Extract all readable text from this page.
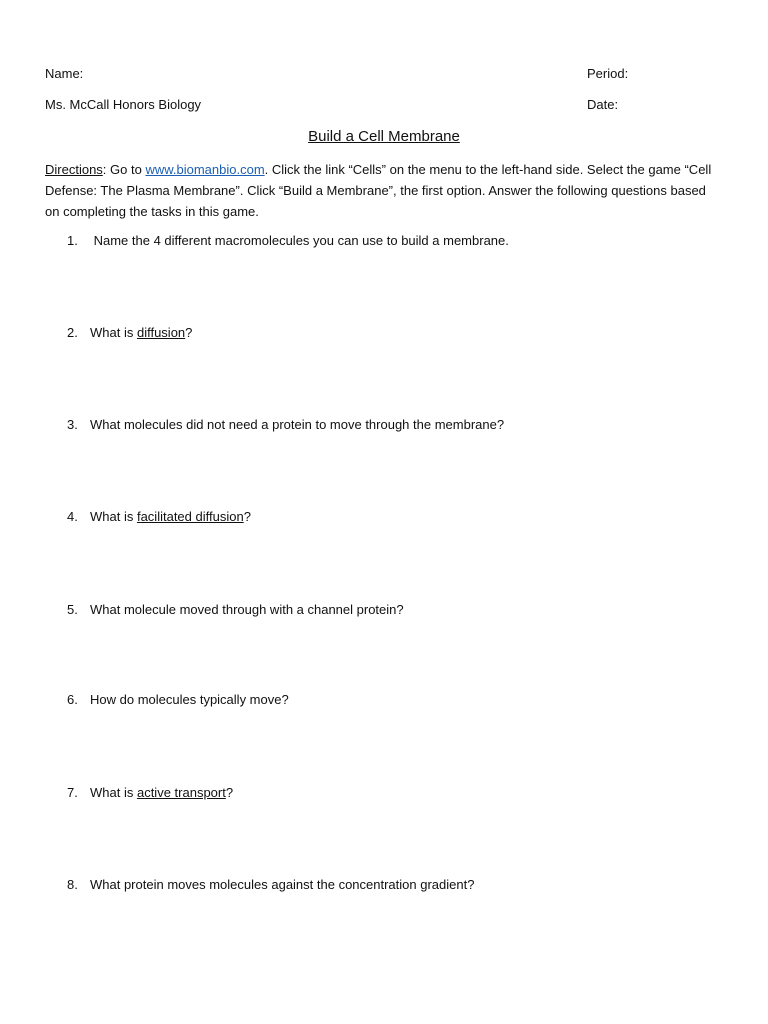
Name:	Period:
Ms. McCall Honors Biology	Date:
Build a Cell Membrane
Directions: Go to www.biomanbio.com. Click the link “Cells” on the menu to the left-hand side. Select the game “Cell Defense: The Plasma Membrane”. Click “Build a Membrane”, the first option. Answer the following questions based on completing the tasks in this game.
1. Name the 4 different macromolecules you can use to build a membrane.
2. What is diffusion?
3. What molecules did not need a protein to move through the membrane?
4. What is facilitated diffusion?
5. What molecule moved through with a channel protein?
6. How do molecules typically move?
7. What is active transport?
8. What protein moves molecules against the concentration gradient?
